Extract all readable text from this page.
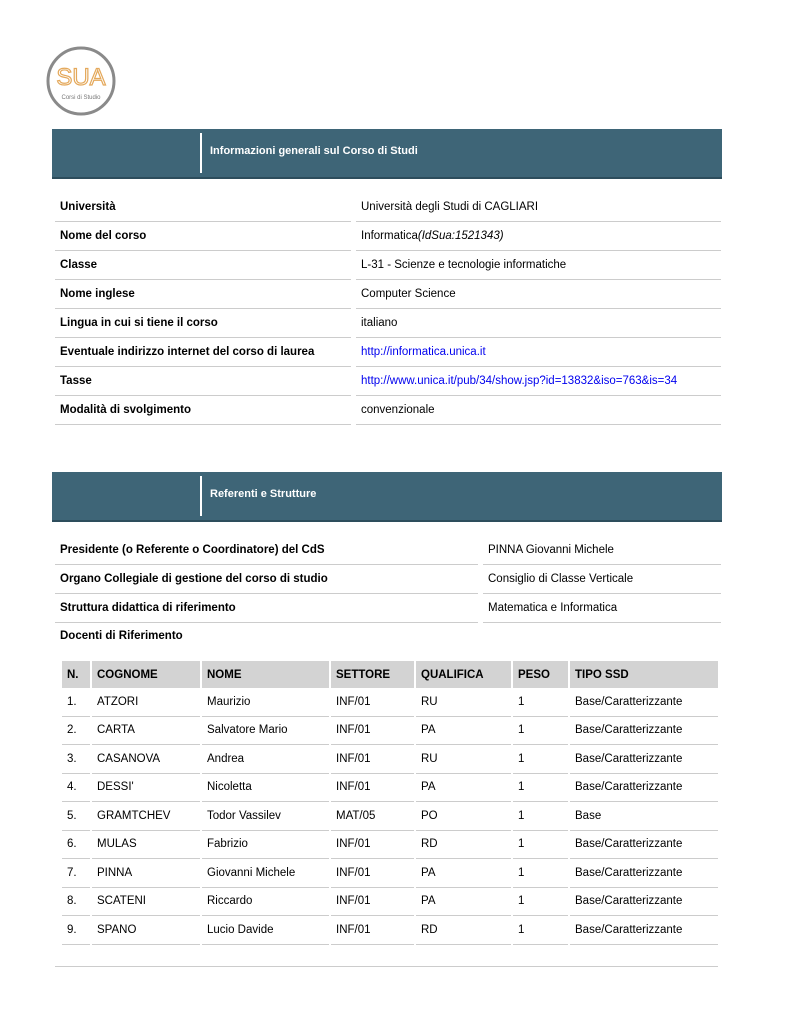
SUA
Corsi di Studio
Informazioni generali sul Corso di Studi
Università		Università degli Studi di CAGLIARI
Nome del corso		Informatica(IdSua:1521343)
Classe		L-31 - Scienze e tecnologie informatiche
Nome inglese		Computer Science
Lingua in cui si tiene il corso		italiano
Eventuale indirizzo internet del corso di laurea		http://informatica.unica.it
Tasse		http://www.unica.it/pub/34/show.jsp?id=13832&iso=763&is=34
Modalità di svolgimento		convenzionale
Referenti e Strutture
Presidente (o Referente o Coordinatore) del CdS		PINNA Giovanni Michele
Organo Collegiale di gestione del corso di studio		Consiglio di Classe Verticale
Struttura didattica di riferimento		Matematica e Informatica
Docenti di Riferimento
N.	COGNOME	NOME	SETTORE	QUALIFICA	PESO	TIPO SSD
1.	ATZORI	Maurizio	INF/01	RU	1	Base/Caratterizzante
2.	CARTA	Salvatore Mario	INF/01	PA	1	Base/Caratterizzante
3.	CASANOVA	Andrea	INF/01	RU	1	Base/Caratterizzante
4.	DESSI'	Nicoletta	INF/01	PA	1	Base/Caratterizzante
5.	GRAMTCHEV	Todor Vassilev	MAT/05	PO	1	Base
6.	MULAS	Fabrizio	INF/01	RD	1	Base/Caratterizzante
7.	PINNA	Giovanni Michele	INF/01	PA	1	Base/Caratterizzante
8.	SCATENI	Riccardo	INF/01	PA	1	Base/Caratterizzante
9.	SPANO	Lucio Davide	INF/01	RD	1	Base/Caratterizzante
